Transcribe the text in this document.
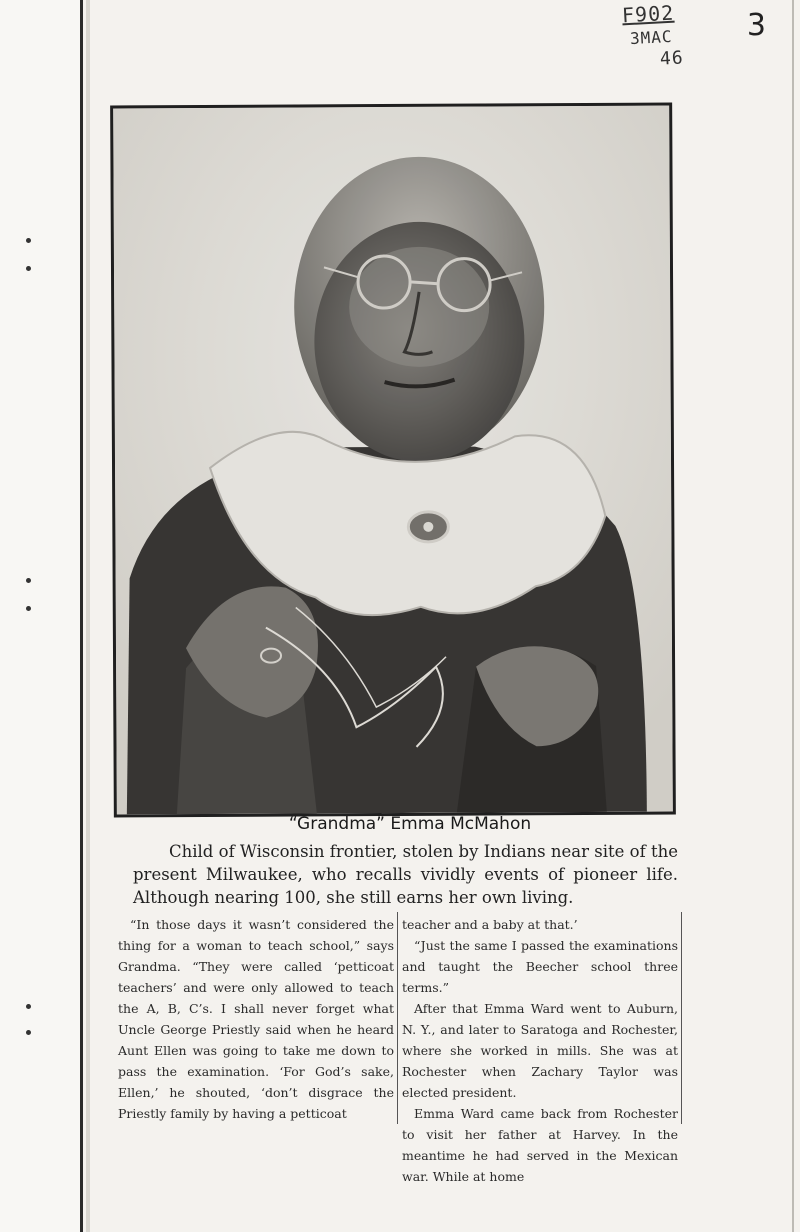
F902
3MAC
46
3
“Grandma” Emma McMahon

Child of Wisconsin frontier, stolen by Indians near site of the present Milwaukee, who recalls vividly events of pioneer life. Although nearing 100, she still earns her own living.

“In those days it wasn’t considered the thing for a woman to teach school,” says Grandma. “They were called ‘petticoat teachers’ and were only allowed to teach the A, B, C’s. I shall never forget what Uncle George Priestly said when he heard Aunt Ellen was going to take me down to pass the examination. ‘For God’s sake, Ellen,’ he shouted, ‘don’t disgrace the Priestly family by having a petticoat

teacher and a baby at that.’

“Just the same I passed the examinations and taught the Beecher school three terms.”

After that Emma Ward went to Auburn, N. Y., and later to Saratoga and Rochester, where she worked in mills. She was at Rochester when Zachary Taylor was elected president.

Emma Ward came back from Rochester to visit her father at Harvey. In the meantime he had served in the Mexican war. While at home
